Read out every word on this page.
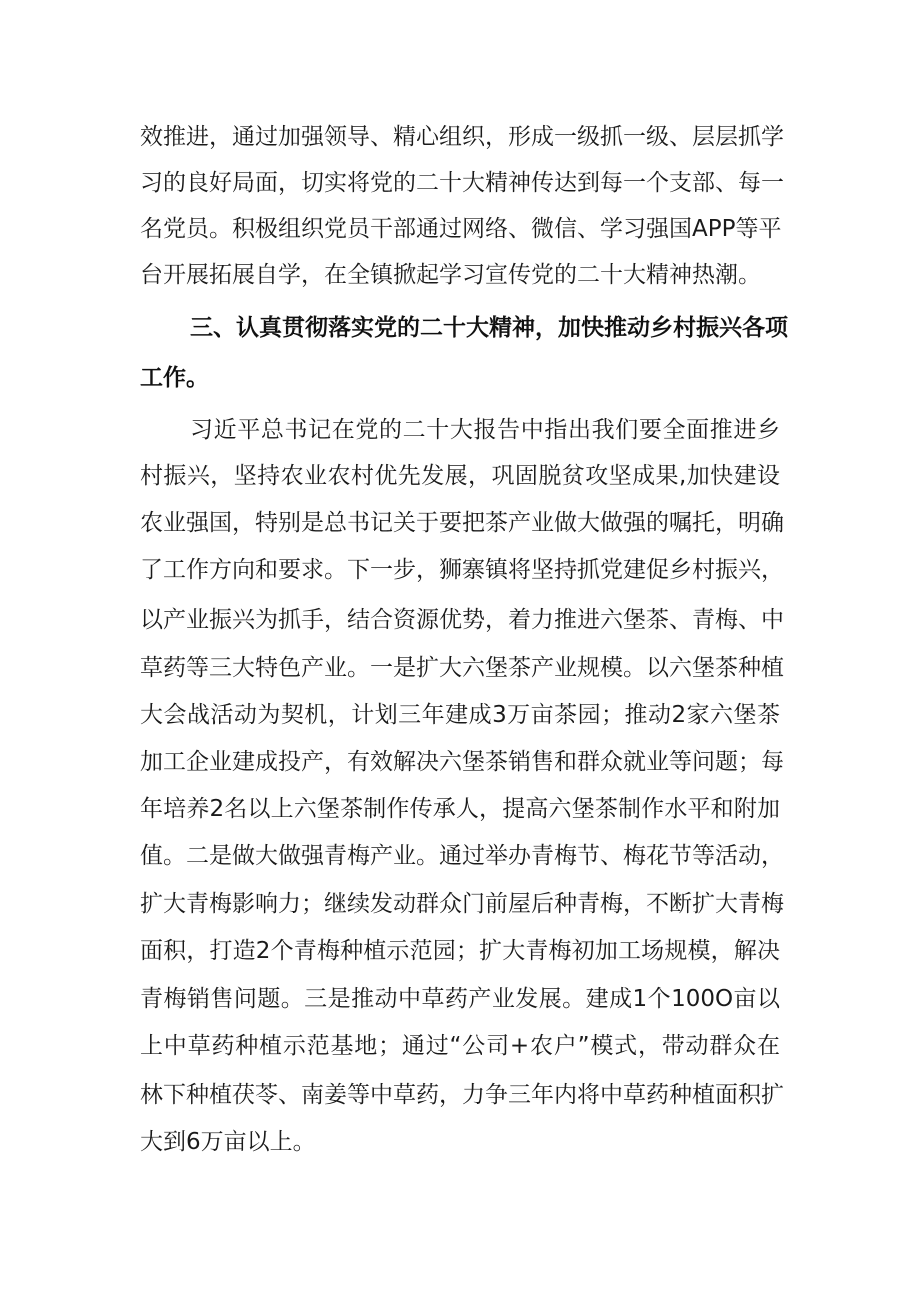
效推进，通过加强领导、精心组织，形成一级抓一级、层层抓学
习的良好局面，切实将党的二十大精神传达到每一个支部、每一
名党员。积极组织党员干部通过网络、微信、学习强国APP等平
台开展拓展自学，在全镇掀起学习宣传党的二十大精神热潮。
三、认真贯彻落实党的二十大精神，加快推动乡村振兴各项
工作。
习近平总书记在党的二十大报告中指出我们要全面推进乡
村振兴，坚持农业农村优先发展，巩固脱贫攻坚成果,加快建设
农业强国，特别是总书记关于要把茶产业做大做强的嘱托，明确
了工作方向和要求。下一步，狮寨镇将坚持抓党建促乡村振兴，
以产业振兴为抓手，结合资源优势，着力推进六堡茶、青梅、中
草药等三大特色产业。一是扩大六堡茶产业规模。以六堡茶种植
大会战活动为契机，计划三年建成3万亩茶园；推动2家六堡茶
加工企业建成投产，有效解决六堡茶销售和群众就业等问题；每
年培养2名以上六堡茶制作传承人，提高六堡茶制作水平和附加
值。二是做大做强青梅产业。通过举办青梅节、梅花节等活动，
扩大青梅影响力；继续发动群众门前屋后种青梅，不断扩大青梅
面积，打造2个青梅种植示范园；扩大青梅初加工场规模，解决
青梅销售问题。三是推动中草药产业发展。建成1个100O亩以
上中草药种植示范基地；通过“公司+农户”模式，带动群众在
林下种植茯苓、南姜等中草药，力争三年内将中草药种植面积扩
大到6万亩以上。
